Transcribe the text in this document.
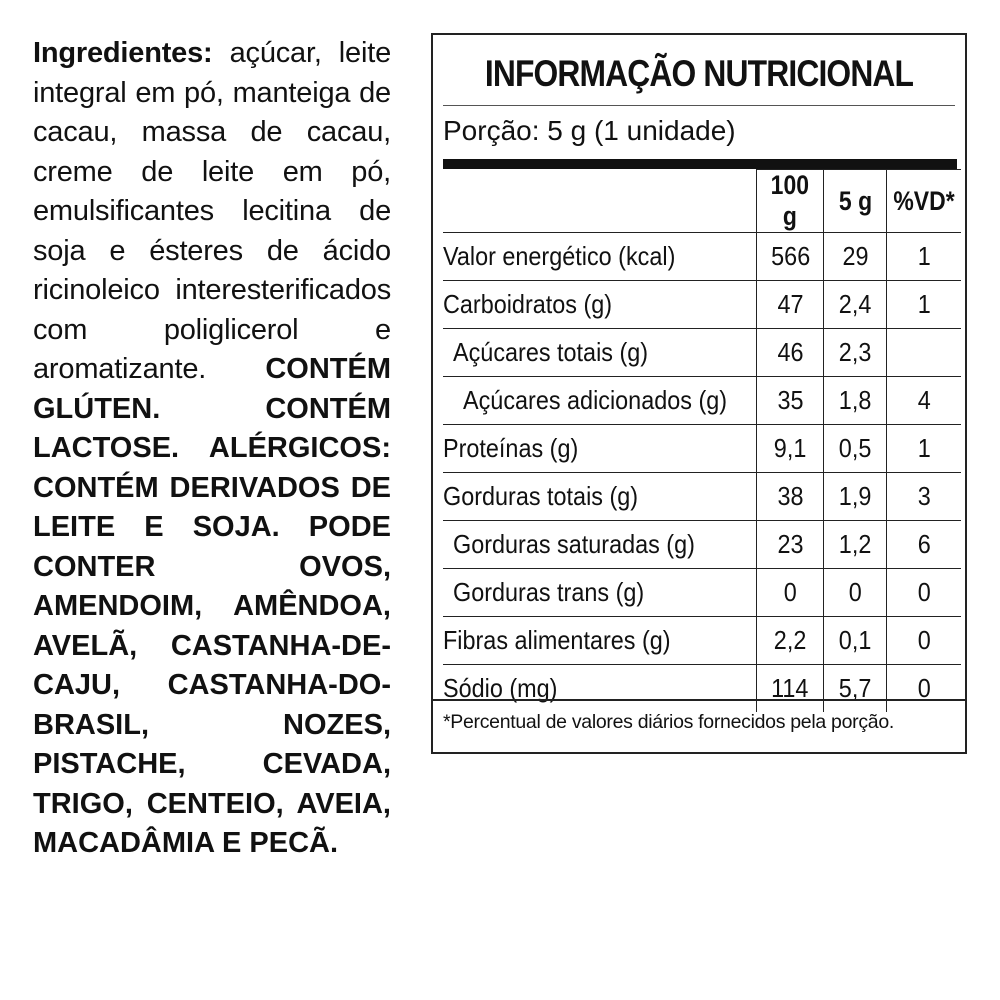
Ingredientes: açúcar, leite integral em pó, manteiga de cacau, massa de cacau, creme de leite em pó, emulsificantes lecitina de soja e ésteres de ácido ricinoleico interesterificados com poliglicerol e aromatizante. CONTÉM GLÚTEN. CONTÉM LACTOSE. ALÉRGICOS: CONTÉM DERIVADOS DE LEITE E SOJA. PODE CONTER OVOS, AMENDOIM, AMÊNDOA, AVELÃ, CASTANHA-DE-CAJU, CASTANHA-DO-BRASIL, NOZES, PISTACHE, CEVADA, TRIGO, CENTEIO, AVEIA, MACADÂMIA E PECÃ.
INFORMAÇÃO NUTRICIONAL
Porção: 5 g (1 unidade)
	100 g	5 g	%VD*
Valor energético (kcal)	566	29	1
Carboidratos (g)	47	2,4	1
Açúcares totais (g)	46	2,3	
Açúcares adicionados (g)	35	1,8	4
Proteínas (g)	9,1	0,5	1
Gorduras totais (g)	38	1,9	3
Gorduras saturadas (g)	23	1,2	6
Gorduras trans (g)	0	0	0
Fibras alimentares (g)	2,2	0,1	0
Sódio (mg)	114	5,7	0
*Percentual de valores diários fornecidos pela porção.
